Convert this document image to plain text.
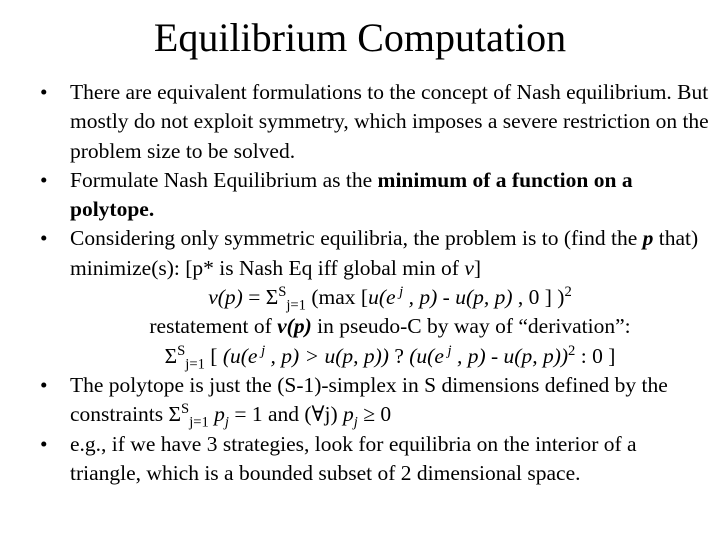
Equilibrium Computation
• There are equivalent formulations to the concept of Nash equilibrium. But mostly do not exploit symmetry, which imposes a severe restriction on the problem size to be solved.
• Formulate Nash Equilibrium as the minimum of a function on a polytope.
• Considering only symmetric equilibria, the problem is to (find the p that) minimize(s): [p* is Nash Eq iff global min of v]
$v(p) = \Sigma^S_{j=1}$ (max [u(e $^j$ , p) - u(p, p) , 0 ] )$^2$
restatement of v(p) in pseudo-C by way of “derivation”:
$\Sigma^S_{j=1}$ [ (u(e $^j$ , p) > u(p, p)) ? (u(e $^j$ , p) - u(p, p))$^2$ : 0 ]
• The polytope is just the (S-1)-simplex in S dimensions defined by the constraints $\Sigma^S_{j=1}$ $p_j = 1$ and (∀j) $p_j \ge 0$
• e.g., if we have 3 strategies, look for equilibria on the interior of a triangle, which is a bounded subset of 2 dimensional space.
